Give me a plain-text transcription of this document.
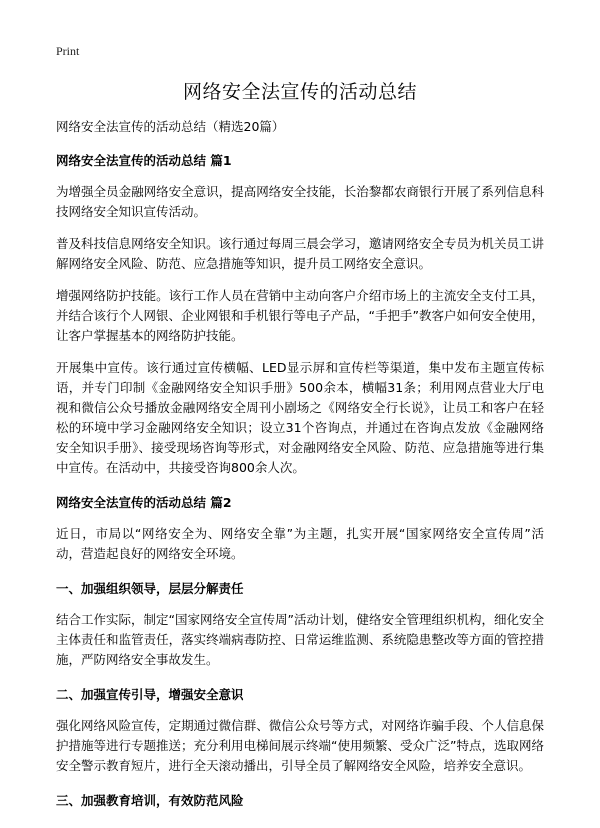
Print
网络安全法宣传的活动总结

网络安全法宣传的活动总结（精选20篇）

网络安全法宣传的活动总结 篇1

为增强全员金融网络安全意识，提高网络安全技能，长治黎都农商银行开展了系列信息科技网络安全知识宣传活动。

普及科技信息网络安全知识。该行通过每周三晨会学习，邀请网络安全专员为机关员工讲解网络安全风险、防范、应急措施等知识，提升员工网络安全意识。

增强网络防护技能。该行工作人员在营销中主动向客户介绍市场上的主流安全支付工具，并结合该行个人网银、企业网银和手机银行等电子产品，“手把手”教客户如何安全使用，让客户掌握基本的网络防护技能。

开展集中宣传。该行通过宣传横幅、LED显示屏和宣传栏等渠道，集中发布主题宣传标语，并专门印制《金融网络安全知识手册》500余本，横幅31条；利用网点营业大厅电视和微信公众号播放金融网络安全周刊小剧场之《网络安全行长说》，让员工和客户在轻松的环境中学习金融网络安全知识；设立31个咨询点，并通过在咨询点发放《金融网络安全知识手册》、接受现场咨询等形式，对金融网络安全风险、防范、应急措施等进行集中宣传。在活动中，共接受咨询800余人次。

网络安全法宣传的活动总结 篇2

近日，市局以“网络安全为、网络安全靠”为主题，扎实开展“国家网络安全宣传周”活动，营造起良好的网络安全环境。

一、加强组织领导，层层分解责任

结合工作实际，制定“国家网络安全宣传周”活动计划，健络安全管理组织机构，细化安全主体责任和监管责任，落实终端病毒防控、日常运维监测、系统隐患整改等方面的管控措施，严防网络安全事故发生。

二、加强宣传引导，增强安全意识

强化网络风险宣传，定期通过微信群、微信公众号等方式，对网络诈骗手段、个人信息保护措施等进行专题推送；充分利用电梯间展示终端“使用频繁、受众广泛”特点，选取网络安全警示教育短片，进行全天滚动播出，引导全员了解网络安全风险，培养安全意识。

三、加强教育培训，有效防范风险
